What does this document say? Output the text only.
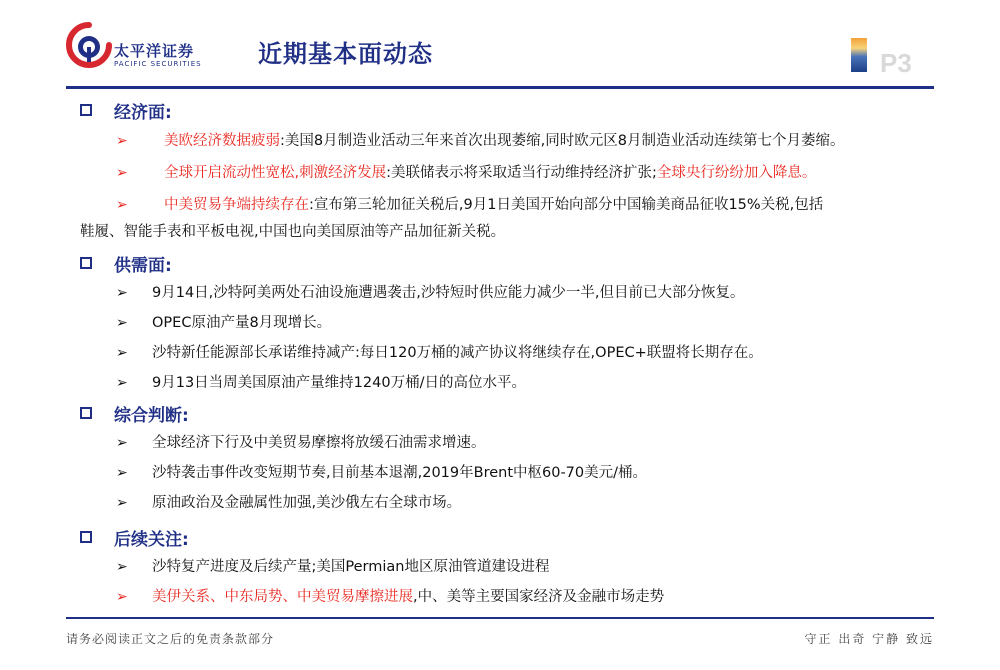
太平洋证券
PACIFIC SECURITIES 近期基本面动态	P3
经济面:
➢	美欧经济数据疲弱:美国8月制造业活动三年来首次出现萎缩,同时欧元区8月制造业活动连续第七个月萎缩。
➢	全球开启流动性宽松,刺激经济发展:美联储表示将采取适当行动维持经济扩张;全球央行纷纷加入降息。
➢	中美贸易争端持续存在:宣布第三轮加征关税后,9月1日美国开始向部分中国输美商品征收15%关税,包括
鞋履、智能手表和平板电视,中国也向美国原油等产品加征新关税。
供需面:
➢ 9月14日,沙特阿美两处石油设施遭遇袭击,沙特短时供应能力减少一半,但目前已大部分恢复。
➢ OPEC原油产量8月现增长。
➢ 沙特新任能源部长承诺维持减产:每日120万桶的减产协议将继续存在,OPEC+联盟将长期存在。
➢ 9月13日当周美国原油产量维持1240万桶/日的高位水平。
综合判断:
➢ 全球经济下行及中美贸易摩擦将放缓石油需求增速。
➢ 沙特袭击事件改变短期节奏,目前基本退潮,2019年Brent中枢60-70美元/桶。
➢ 原油政治及金融属性加强,美沙俄左右全球市场。
后续关注:
➢ 沙特复产进度及后续产量;美国Permian地区原油管道建设进程
➢ 美伊关系、中东局势、中美贸易摩擦进展,中、美等主要国家经济及金融市场走势
请务必阅读正文之后的免责条款部分	守正 出奇 宁静 致远
